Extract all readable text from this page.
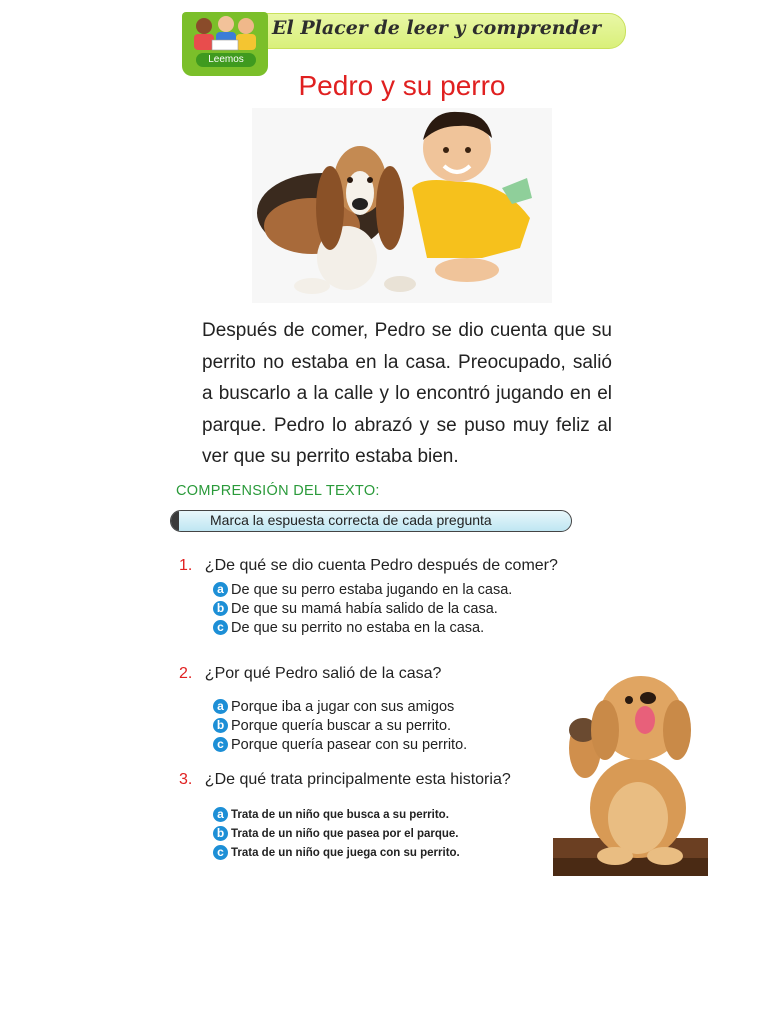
Leemos
El Placer de leer y comprender
Pedro y su perro
Después de comer, Pedro se dio cuenta que su perrito no estaba en la casa. Preocupado, salió a buscarlo a la calle y lo encontró jugando en el parque. Pedro lo abrazó y se puso muy feliz al ver que su perrito estaba bien.
COMPRENSIÓN DEL TEXTO:
Marca la espuesta correcta de cada pregunta
1. ¿De qué se dio cuenta Pedro después de comer?
a De que su perro estaba jugando en la casa.
b De que su mamá había salido de la casa.
c De que su perrito no estaba en la casa.
2. ¿Por qué Pedro salió de la casa?
a Porque iba a jugar con sus amigos
b Porque quería buscar a su perrito.
c Porque quería pasear con su perrito.
3. ¿De qué trata principalmente esta historia?
a Trata de un niño que busca a su perrito.
b Trata de un niño que pasea por el parque.
c Trata de un niño que juega con su perrito.
